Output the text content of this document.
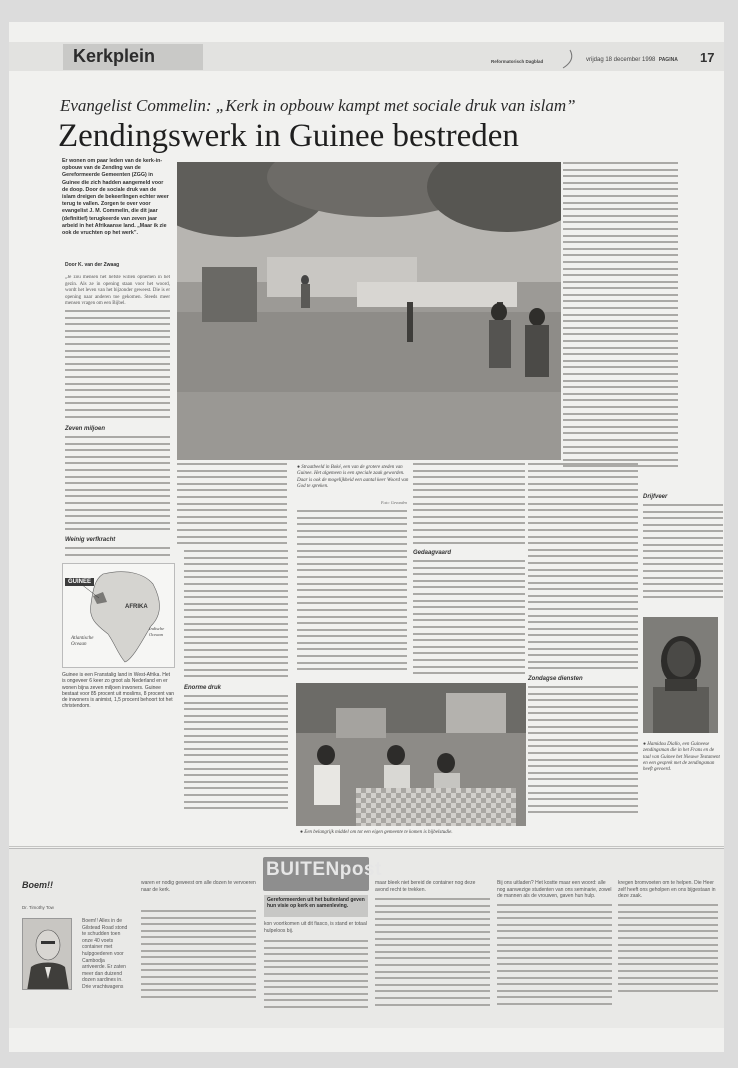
Kerkplein	Reformatorisch Dagblad	vrijdag 18 december 1998 PAGINA 17
Evangelist Commelin: „Kerk in opbouw kampt met sociale druk van islam”
Zendingswerk in Guinee bestreden
Er wonen om paar leden van de kerk-in-opbouw van de Zending van de Gereformeerde Gemeenten (ZGG) in Guinee die zich hadden aangemeld voor de doop. Door de sociale druk van de islam dreigen de bekeerlingen echter weer terug te vallen. Zorgen te over voor evangelist J. M. Commelin, die dit jaar (definitief) terugkeerde van zeven jaar arbeid in het Afrikaanse land. „Maar ik zie ook de vruchten op het werk”.
Door K. van der Zwaag
„Je zou mensen het liefste willen opnemen in het gezin. Als ze in opening staan voor het woord, wordt het leven van het bijzonder geweest. Die is er opening naar anderen toe gekomen. Steeds meer mensen vragen om een Bijbel.
Zeven miljoen
Weinig verfkracht
● Straatbeeld in Boké, een van de grotere steden van Guinee. Het algemeen is een speciale zaak geworden. Daar is ook de mogelijkheid een aantal keer Woord van God te spreken.
Foto: Gevonden
Enorme druk
Gedaagvaard
Zondagse diensten
Drijfveer
● Hamidou Diallo, een Guineese zendingsman die in het Frans en de taal van Guinee het Nieuwe Testament en een gesprek met de zendingsman heeft gevoerd.
● Een belangrijk middel om tot een eigen gemeente te komen is bijbelstudie.
GUINEE
AFRIKA
Atlantische Oceaan
Indische Oceaan
Guinee is een Franstalig land in West-Afrika. Het is ongeveer 6 keer zo groot als Nederland en er wonen bijna zeven miljoen inwoners. Guinee bestaat voor 85 procent uit moslims, 8 procent van de inwoners is animist, 1,5 procent behoort tot het christendom.
BUITENpost
Gereformeerden uit het buitenland geven hun visie op kerk en samenleving.
Boem!!
Dr. Timothy Tow
Boem!! Alles in de Gilstead Road stond te schudden toen onze 40 voets container met hulpgoederen voor Cambodja arriveerde. Er zaten meer dan duizend dozen sardines in. Drie vrachtwagens
waren er nodig geweest om alle dozen te vervoeren naar de kerk.
kon voortkomen uit dit fiasco, is stand er totaal hulpeloos bij.
maar bleek niet bereid de container nog deze avond recht te trekken.
Bij ons uitladen? Het kostte maar een woord: alle nog aanwezige studenten van ons seminarie, zowel de mannen als de vrouwen, gaven hun hulp.
kregen bromvoeten om te helpen. Die Heer zelf heeft ons geholpen en ons bijgestaan in deze zaak.
